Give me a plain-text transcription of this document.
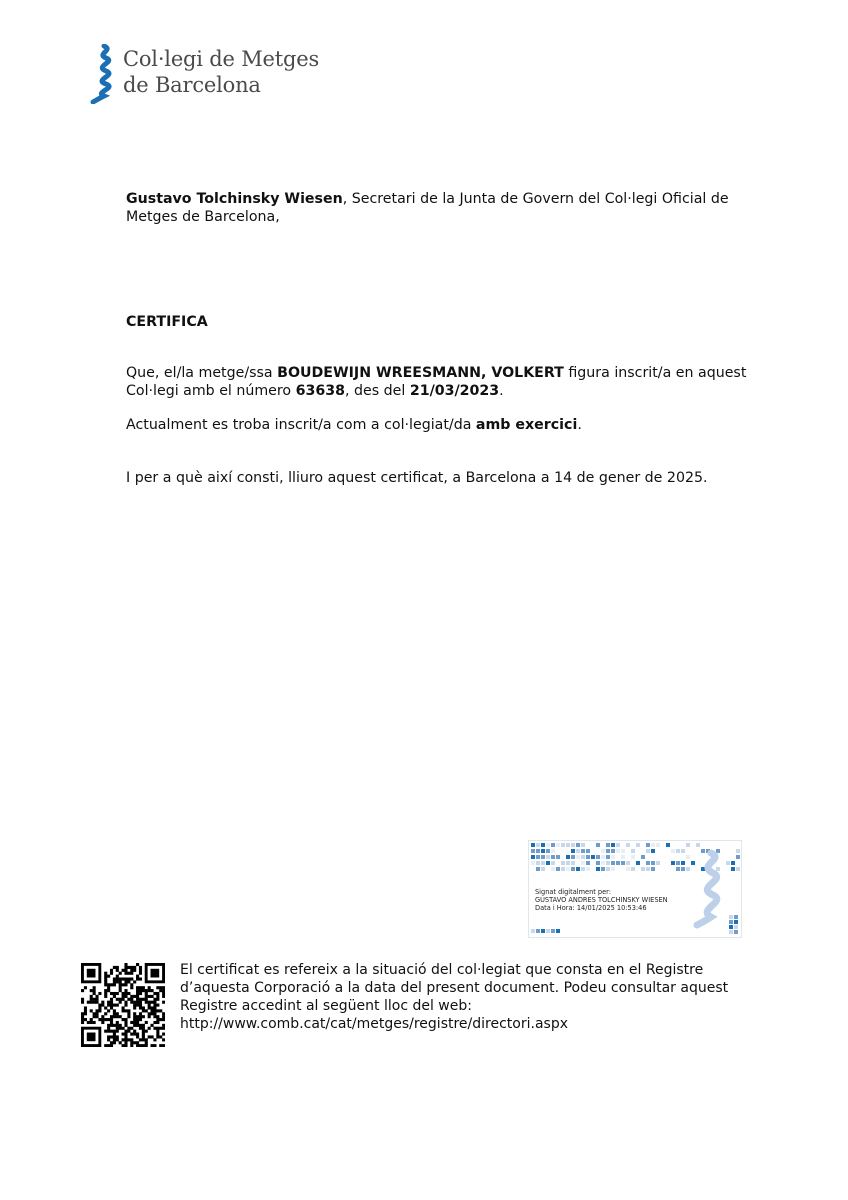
Col·legi de Metges
de Barcelona
Gustavo Tolchinsky Wiesen, Secretari de la Junta de Govern del Col·legi Oficial de Metges de Barcelona,
CERTIFICA
Que, el/la metge/ssa BOUDEWIJN WREESMANN, VOLKERT figura inscrit/a en aquest Col·legi amb el número 63638, des del 21/03/2023.
Actualment es troba inscrit/a com a col·legiat/da amb exercici.
I per a què així consti, lliuro aquest certificat, a Barcelona a 14 de gener de 2025.
Signat digitalment per:
GUSTAVO ANDRES TOLCHINSKY WIESEN
Data i Hora: 14/01/2025 10:53:46
El certificat es refereix a la situació del col·legiat que consta en el Registre
d’aquesta Corporació a la data del present document. Podeu consultar aquest
Registre accedint al següent lloc del web:
http://www.comb.cat/cat/metges/registre/directori.aspx
